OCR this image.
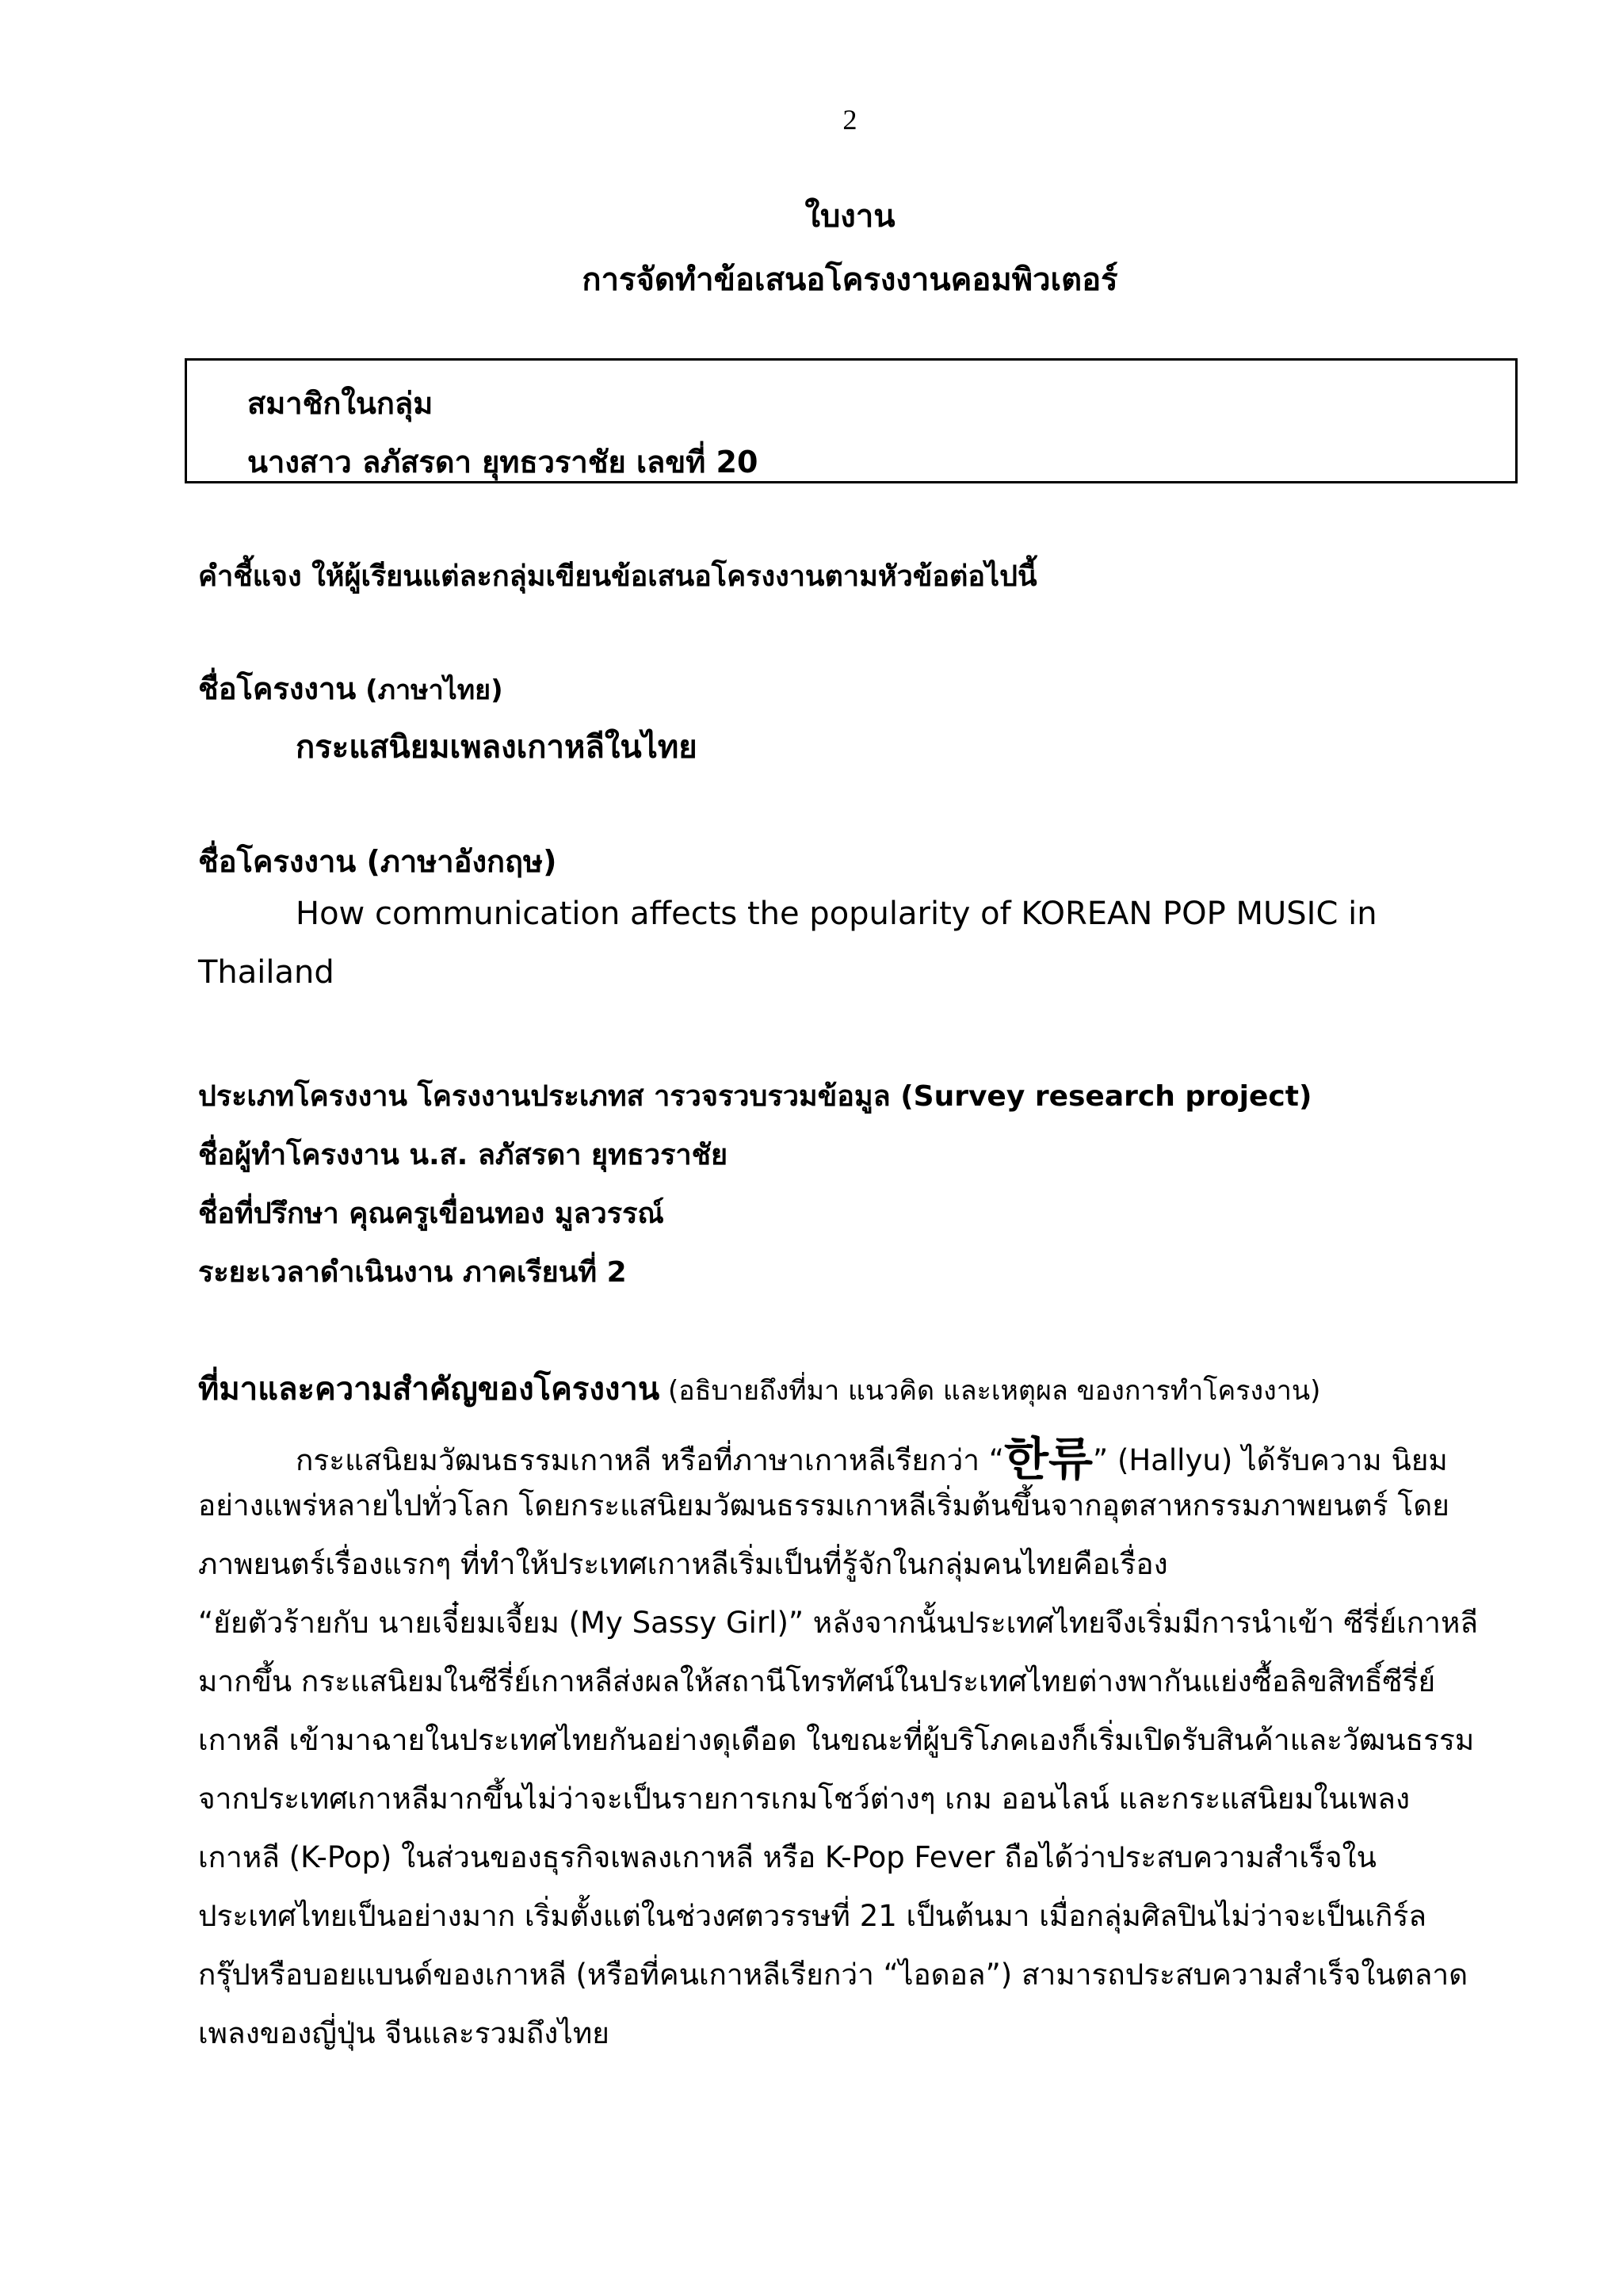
2
ใบงาน
การจัดทำข้อเสนอโครงงานคอมพิวเตอร์
สมาชิกในกลุ่ม
นางสาว ลภัสรดา ยุทธวราชัย เลขที่ 20
คำชี้แจง ให้ผู้เรียนแต่ละกลุ่มเขียนข้อเสนอโครงงานตามหัวข้อต่อไปนี้
ชื่อโครงงาน (ภาษาไทย)
กระแสนิยมเพลงเกาหลีในไทย
ชื่อโครงงาน (ภาษาอังกฤษ)
How communication affects the popularity of KOREAN POP MUSIC in
Thailand
ประเภทโครงงาน โครงงานประเภทส ารวจรวบรวมข้อมูล (Survey research project)
ชื่อผู้ทำโครงงาน น.ส. ลภัสรดา ยุทธวราชัย
ชื่อที่ปรึกษา คุณครูเขื่อนทอง มูลวรรณ์
ระยะเวลาดำเนินงาน ภาคเรียนที่ 2
ที่มาและความสำคัญของโครงงาน (อธิบายถึงที่มา แนวคิด และเหตุผล ของการทำโครงงาน)
กระแสนิยมวัฒนธรรมเกาหลี หรือที่ภาษาเกาหลีเรียกว่า “한류” (Hallyu) ได้รับความ นิยม
อย่างแพร่หลายไปทั่วโลก โดยกระแสนิยมวัฒนธรรมเกาหลีเริ่มต้นขึ้นจากอุตสาหกรรมภาพยนตร์ โดย
ภาพยนตร์เรื่องแรกๆ ที่ทำให้ประเทศเกาหลีเริ่มเป็นที่รู้จักในกลุ่มคนไทยคือเรื่อง
“ยัยตัวร้ายกับ นายเจี๋ยมเจี้ยม (My Sassy Girl)” หลังจากนั้นประเทศไทยจึงเริ่มมีการนำเข้า ซีรี่ย์เกาหลี
มากขึ้น กระแสนิยมในซีรี่ย์เกาหลีส่งผลให้สถานีโทรทัศน์ในประเทศไทยต่างพากันแย่งซื้อลิขสิทธิ์ซีรี่ย์
เกาหลี เข้ามาฉายในประเทศไทยกันอย่างดุเดือด ในขณะที่ผู้บริโภคเองก็เริ่มเปิดรับสินค้าและวัฒนธรรม
จากประเทศเกาหลีมากขึ้นไม่ว่าจะเป็นรายการเกมโชว์ต่างๆ เกม ออนไลน์ และกระแสนิยมในเพลง
เกาหลี (K-Pop) ในส่วนของธุรกิจเพลงเกาหลี หรือ K-Pop Fever ถือได้ว่าประสบความสำเร็จใน
ประเทศไทยเป็นอย่างมาก เริ่มตั้งแต่ในช่วงศตวรรษที่ 21 เป็นต้นมา เมื่อกลุ่มศิลปินไม่ว่าจะเป็นเกิร์ล
กรุ๊ปหรือบอยแบนด์ของเกาหลี (หรือที่คนเกาหลีเรียกว่า “ไอดอล”) สามารถประสบความสำเร็จในตลาด
เพลงของญี่ปุ่น จีนและรวมถึงไทย
